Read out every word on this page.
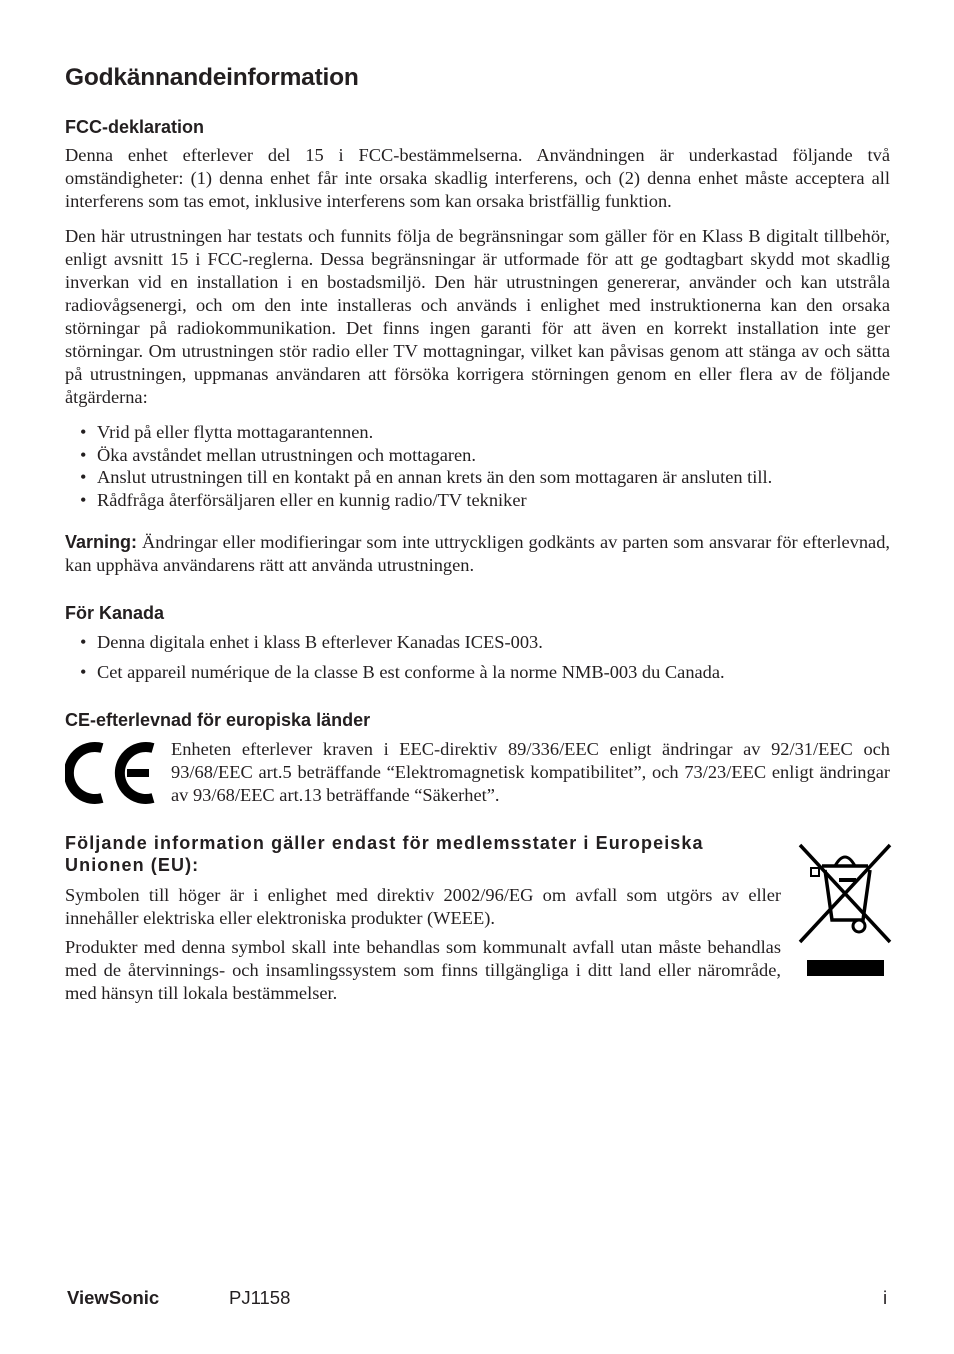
Godkännandeinformation
FCC-deklaration

Denna enhet efterlever del 15 i FCC-bestämmelserna. Användningen är underkastad följande två omständigheter: (1) denna enhet får inte orsaka skadlig interferens, och (2) denna enhet måste acceptera all interferens som tas emot, inklusive interferens som kan orsaka bristfällig funktion.

Den här utrustningen har testats och funnits följa de begränsningar som gäller för en Klass B digitalt tillbehör, enligt avsnitt 15 i FCC-reglerna. Dessa begränsningar är utformade för att ge godtagbart skydd mot skadlig inverkan vid en installation i en bostadsmiljö. Den här utrustningen genererar, använder och kan utstråla radiovågsenergi, och om den inte installeras och används i enlighet med instruktionerna kan den orsaka störningar på radiokommunikation. Det finns ingen garanti för att även en korrekt installation inte ger störningar. Om utrustningen stör radio eller TV mottagningar, vilket kan påvisas genom att stänga av och sätta på utrustningen, uppmanas användaren att försöka korrigera störningen genom en eller flera av de följande åtgärderna:

• Vrid på eller flytta mottagarantennen.
• Öka avståndet mellan utrustningen och mottagaren.
• Anslut utrustningen till en kontakt på en annan krets än den som mottagaren är ansluten till.
• Rådfråga återförsäljaren eller en kunnig radio/TV tekniker

Varning: Ändringar eller modifieringar som inte uttryckligen godkänts av parten som ansvarar för efterlevnad, kan upphäva användarens rätt att använda utrustningen.

För Kanada
• Denna digitala enhet i klass B efterlever Kanadas ICES-003.
• Cet appareil numérique de la classe B est conforme à la norme NMB-003 du Canada.
CE-efterlevnad för europiska länder

Enheten efterlever kraven i EEC-direktiv 89/336/EEC enligt ändringar av 92/31/EEC och 93/68/EEC art.5 beträffande “Elektromagnetisk kompatibilitet”, och 73/23/EEC enligt ändringar av 93/68/EEC art.13 beträffande “Säkerhet”.

Följande information gäller endast för medlemsstater i Europeiska Unionen (EU):

Symbolen till höger är i enlighet med direktiv 2002/96/EG om avfall som utgörs av eller innehåller elektriska eller elektroniska produkter (WEEE).

Produkter med denna symbol skall inte behandlas som kommunalt avfall utan måste behandlas med de återvinnings- och insamlingssystem som finns tillgängliga i ditt land eller närområde, med hänsyn till lokala bestämmelser.

ViewSonic	PJ1158	i
